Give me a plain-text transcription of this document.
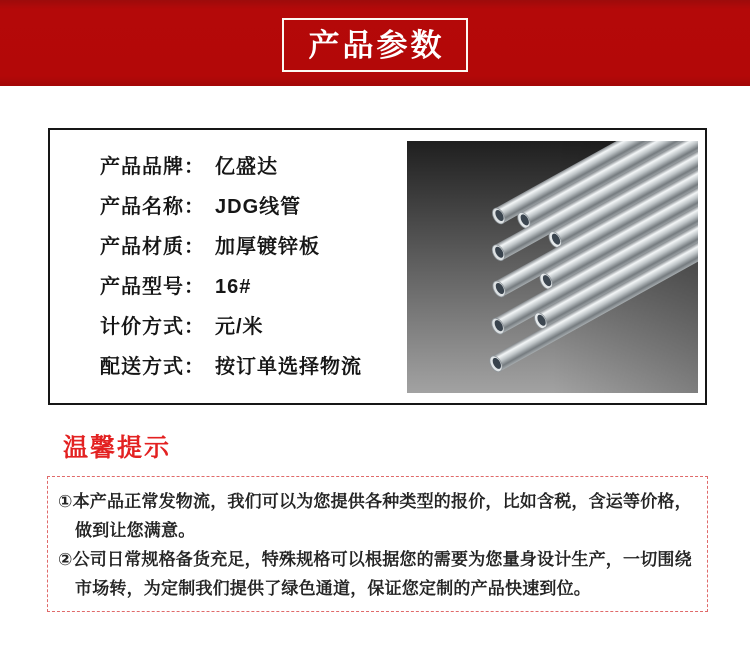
产品参数
产品品牌： 亿盛达
产品名称： JDG线管
产品材质： 加厚镀锌板
产品型号： 16#
计价方式： 元/米
配送方式： 按订单选择物流
温馨提示

①本产品正常发物流，我们可以为您提供各种类型的报价，比如含税，含运等价格，做到让您满意。

②公司日常规格备货充足，特殊规格可以根据您的需要为您量身设计生产，一切围绕市场转，为定制我们提供了绿色通道，保证您定制的产品快速到位。
